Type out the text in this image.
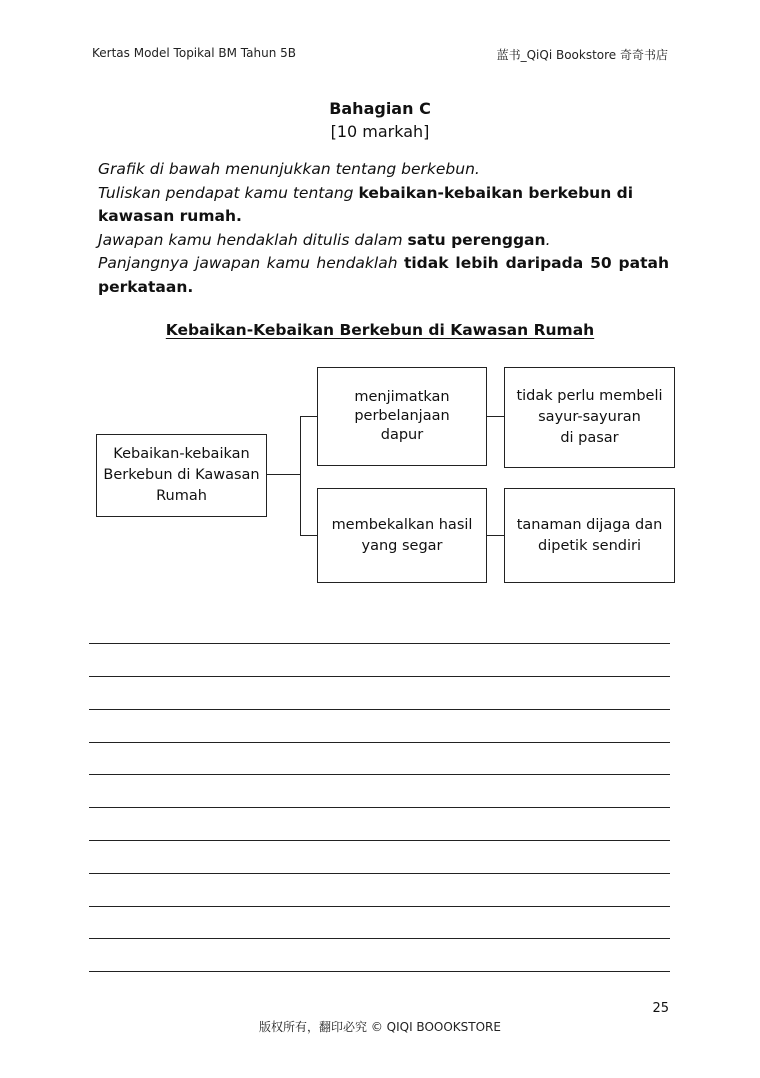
Kertas Model Topikal BM Tahun 5B	蓝书_QiQi Bookstore 奇奇书店
Bahagian C
[10 markah]

Grafik di bawah menunjukkan tentang berkebun.

Tuliskan pendapat kamu tentang kebaikan-kebaikan berkebun di kawasan rumah.

Jawapan kamu hendaklah ditulis dalam satu perenggan.

Panjangnya jawapan kamu hendaklah tidak lebih daripada 50 patah perkataan.

Kebaikan-Kebaikan Berkebun di Kawasan Rumah
Kebaikan-kebaikan
Berkebun di Kawasan
Rumah
menjimatkan
perbelanjaan
dapur
tidak perlu membeli
sayur-sayuran
di pasar
membekalkan hasil
yang segar
tanaman dijaga dan
dipetik sendiri
25
版权所有，翻印必究 © QIQI BOOOKSTORE
